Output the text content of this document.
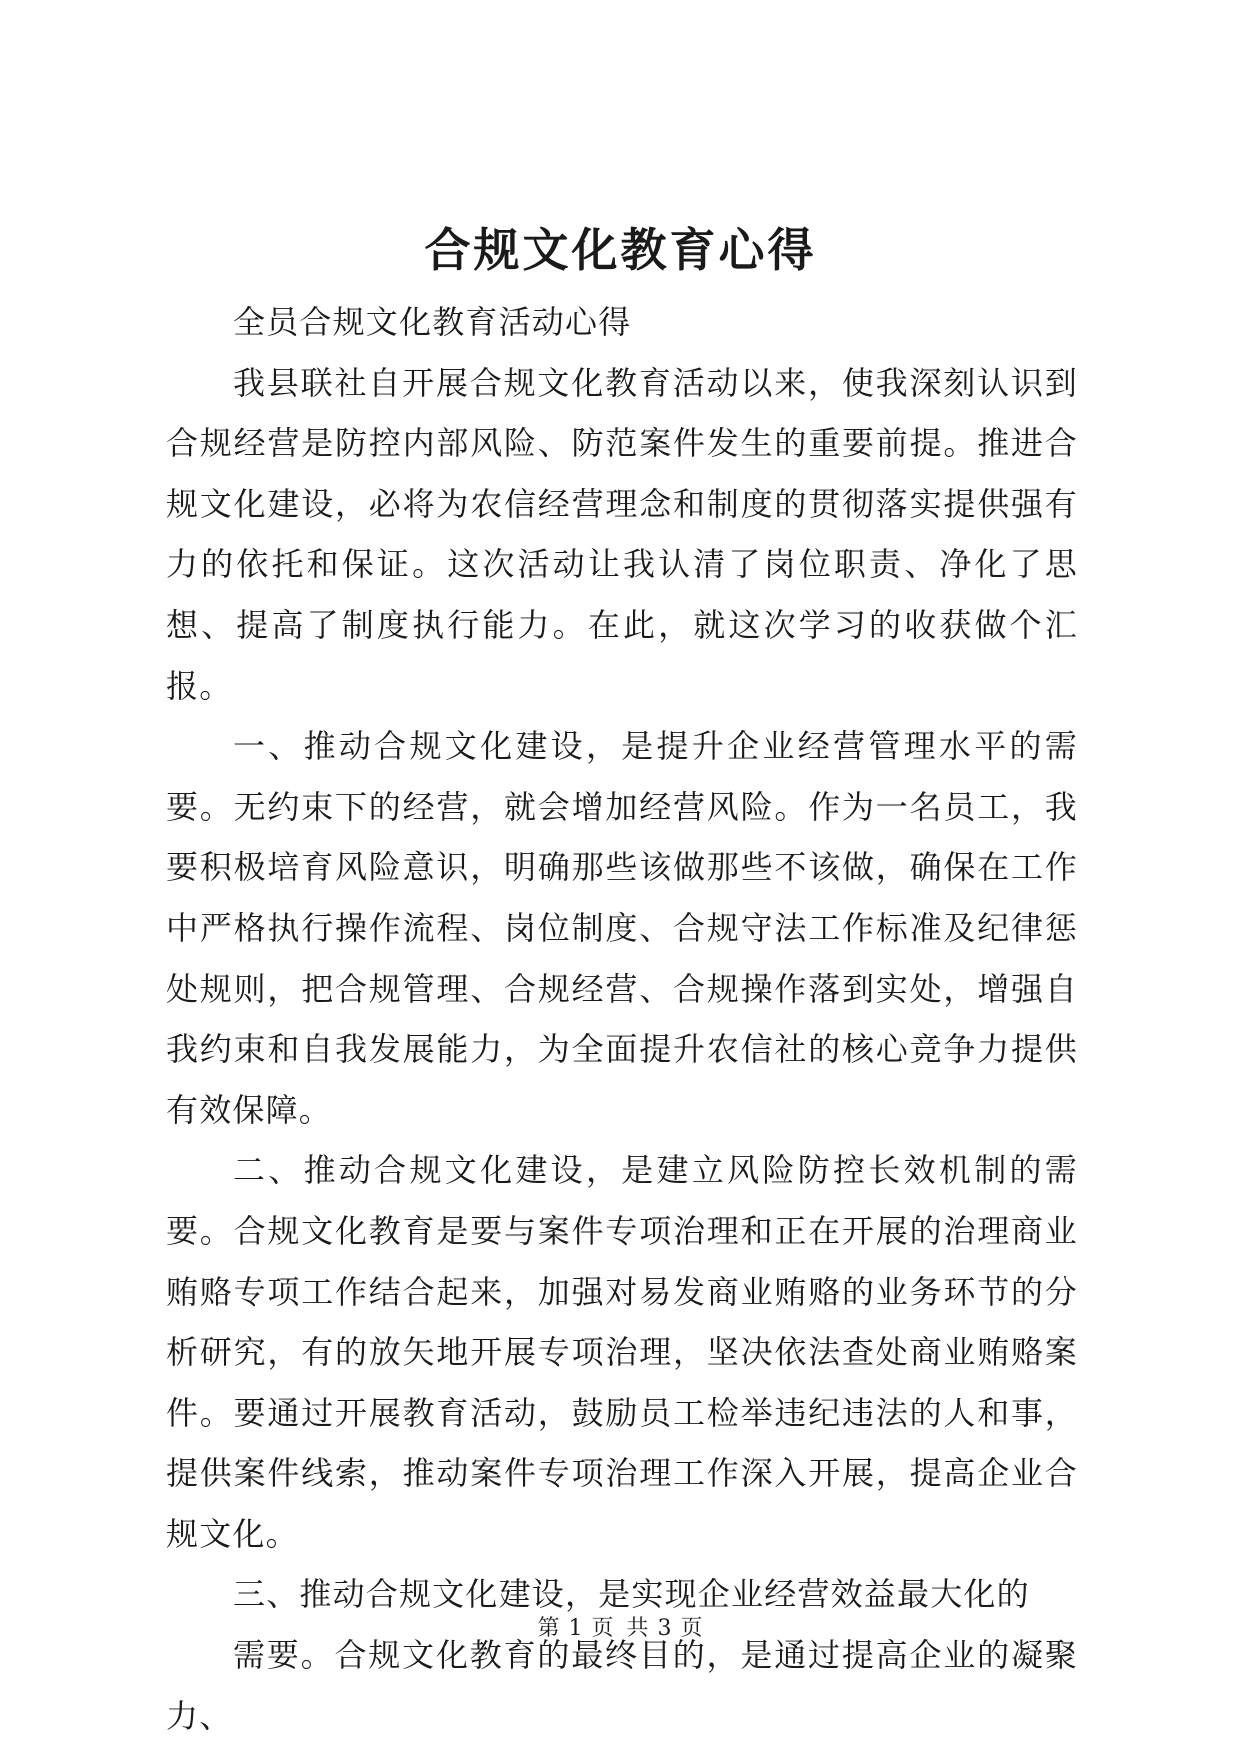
合规文化教育心得

全员合规文化教育活动心得

我县联社自开展合规文化教育活动以来，使我深刻认识到合规经营是防控内部风险、防范案件发生的重要前提。推进合规文化建设，必将为农信经营理念和制度的贯彻落实提供强有力的依托和保证。这次活动让我认清了岗位职责、净化了思想、提高了制度执行能力。在此，就这次学习的收获做个汇报。

一、推动合规文化建设，是提升企业经营管理水平的需要。无约束下的经营，就会增加经营风险。作为一名员工，我要积极培育风险意识，明确那些该做那些不该做，确保在工作中严格执行操作流程、岗位制度、合规守法工作标准及纪律惩处规则，把合规管理、合规经营、合规操作落到实处，增强自我约束和自我发展能力，为全面提升农信社的核心竞争力提供有效保障。

二、推动合规文化建设，是建立风险防控长效机制的需要。合规文化教育是要与案件专项治理和正在开展的治理商业贿赂专项工作结合起来，加强对易发商业贿赂的业务环节的分析研究，有的放矢地开展专项治理，坚决依法查处商业贿赂案件。要通过开展教育活动，鼓励员工检举违纪违法的人和事，提供案件线索，推动案件专项治理工作深入开展，提高企业合规文化。

三、推动合规文化建设，是实现企业经营效益最大化的

需要。合规文化教育的最终目的，是通过提高企业的凝聚力、

第 1 页 共 3 页
